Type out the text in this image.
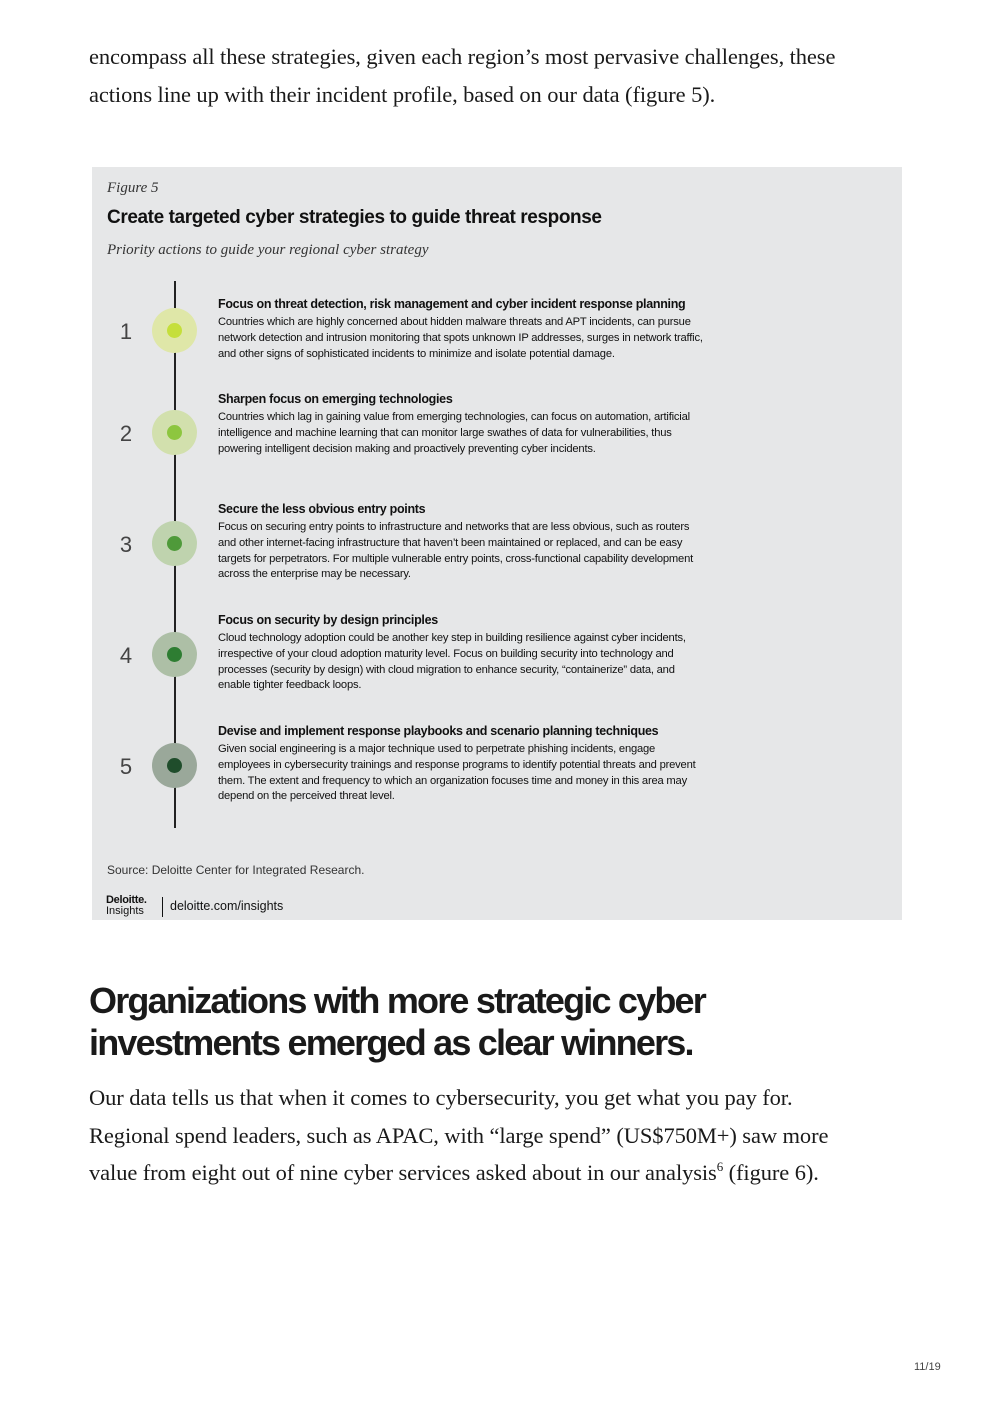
encompass all these strategies, given each region’s most pervasive challenges, these

actions line up with their incident profile, based on our data (figure 5).

Figure 5
Create targeted cyber strategies to guide threat response
Priority actions to guide your regional cyber strategy
1
Focus on threat detection, risk management and cyber incident response planning
Countries which are highly concerned about hidden malware threats and APT incidents, can pursue network detection and intrusion monitoring that spots unknown IP addresses, surges in network traffic, and other signs of sophisticated incidents to minimize and isolate potential damage.
2
Sharpen focus on emerging technologies
Countries which lag in gaining value from emerging technologies, can focus on automation, artificial intelligence and machine learning that can monitor large swathes of data for vulnerabilities, thus powering intelligent decision making and proactively preventing cyber incidents.
3
Secure the less obvious entry points
Focus on securing entry points to infrastructure and networks that are less obvious, such as routers and other internet-facing infrastructure that haven’t been maintained or replaced, and can be easy targets for perpetrators. For multiple vulnerable entry points, cross-functional capability development across the enterprise may be necessary.
4
Focus on security by design principles
Cloud technology adoption could be another key step in building resilience against cyber incidents, irrespective of your cloud adoption maturity level. Focus on building security into technology and processes (security by design) with cloud migration to enhance security, “containerize” data, and enable tighter feedback loops.
5
Devise and implement response playbooks and scenario planning techniques
Given social engineering is a major technique used to perpetrate phishing incidents, engage employees in cybersecurity trainings and response programs to identify potential threats and prevent them. The extent and frequency to which an organization focuses time and money in this area may depend on the perceived threat level.
Source: Deloitte Center for Integrated Research.
Deloitte.
Insights deloitte.com/insights
Organizations with more strategic cyber
investments emerged as clear winners.

Our data tells us that when it comes to cybersecurity, you get what you pay for.

Regional spend leaders, such as APAC, with “large spend” (US$750M+) saw more

value from eight out of nine cyber services asked about in our analysis$^6$ (figure 6).

11/19
